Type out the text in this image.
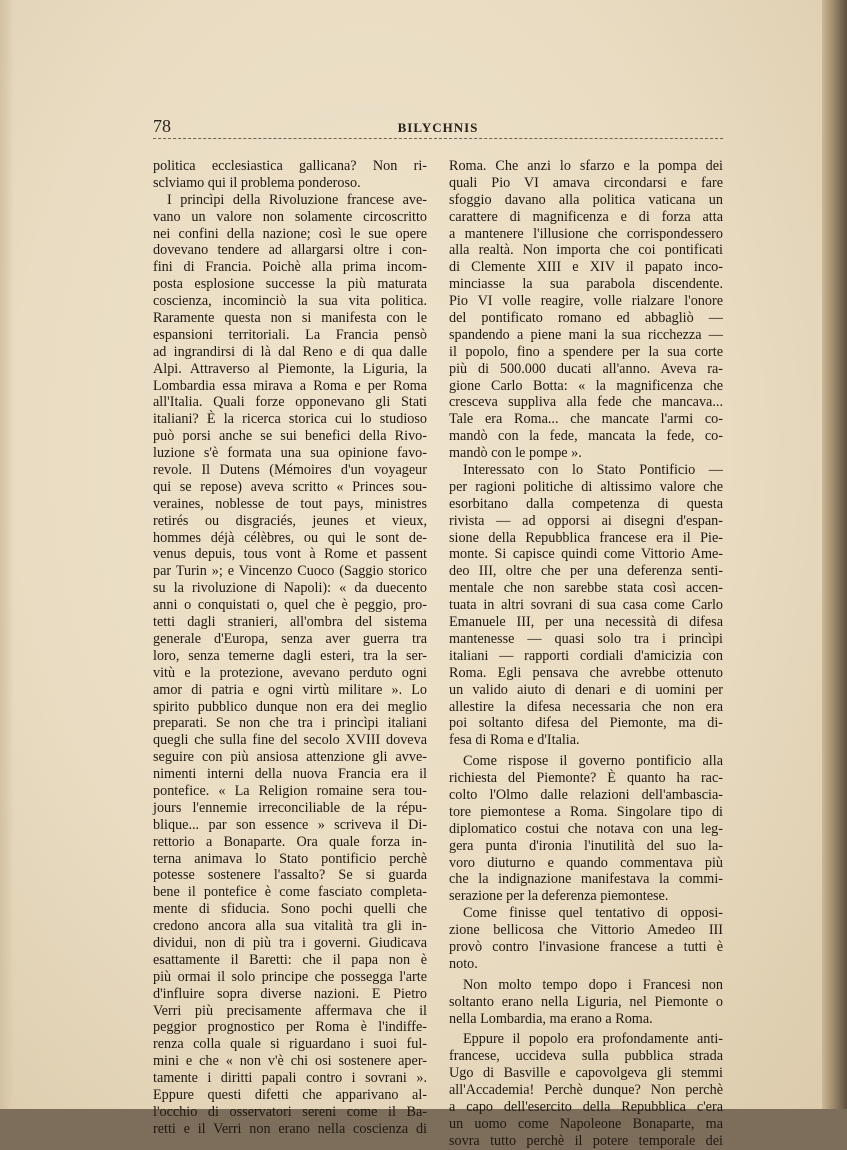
78	BILYCHNIS
politica ecclesiastica gallicana? Non ri-
sclviamo qui il problema ponderoso.
I princìpi della Rivoluzione francese ave-
vano un valore non solamente circoscritto
nei confini della nazione; così le sue opere
dovevano tendere ad allargarsi oltre i con-
fini di Francia. Poichè alla prima incom-
posta esplosione successe la più maturata
coscienza, incominciò la sua vita politica.
Raramente questa non si manifesta con le
espansioni territoriali. La Francia pensò
ad ingrandirsi di là dal Reno e di qua dalle
Alpi. Attraverso al Piemonte, la Liguria, la
Lombardia essa mirava a Roma e per Roma
all'Italia. Quali forze opponevano gli Stati
italiani? È la ricerca storica cui lo studioso
può porsi anche se sui benefici della Rivo-
luzione s'è formata una sua opinione favo-
revole. Il Dutens (Mémoires d'un voyageur
qui se repose) aveva scritto « Princes sou-
veraines, noblesse de tout pays, ministres
retirés ou disgraciés, jeunes et vieux,
hommes déjà célèbres, ou qui le sont de-
venus depuis, tous vont à Rome et passent
par Turin »; e Vincenzo Cuoco (Saggio storico
su la rivoluzione di Napoli): « da duecento
anni o conquistati o, quel che è peggio, pro-
tetti dagli stranieri, all'ombra del sistema
generale d'Europa, senza aver guerra tra
loro, senza temerne dagli esteri, tra la ser-
vitù e la protezione, avevano perduto ogni
amor di patria e ogni virtù militare ». Lo
spirito pubblico dunque non era dei meglio
preparati. Se non che tra i princìpi italiani
quegli che sulla fine del secolo XVIII doveva
seguire con più ansiosa attenzione gli avve-
nimenti interni della nuova Francia era il
pontefice. « La Religion romaine sera tou-
jours l'ennemie irreconciliable de la répu-
blique... par son essence » scriveva il Di-
rettorio a Bonaparte. Ora quale forza in-
terna animava lo Stato pontificio perchè
potesse sostenere l'assalto? Se si guarda
bene il pontefice è come fasciato completa-
mente di sfiducia. Sono pochi quelli che
credono ancora alla sua vitalità tra gli in-
dividui, non di più tra i governi. Giudicava
esattamente il Baretti: che il papa non è
più ormai il solo principe che possegga l'arte
d'influire sopra diverse nazioni. E Pietro
Verri più precisamente affermava che il
peggior prognostico per Roma è l'indiffe-
renza colla quale si riguardano i suoi ful-
mini e che « non v'è chi osi sostenere aper-
tamente i diritti papali contro i sovrani ».
Eppure questi difetti che apparivano al-
l'occhio di osservatori sereni come il Ba-
retti e il Verri non erano nella coscienza di
Roma. Che anzi lo sfarzo e la pompa dei
quali Pio VI amava circondarsi e fare
sfoggio davano alla politica vaticana un
carattere di magnificenza e di forza atta
a mantenere l'illusione che corrispondessero
alla realtà. Non importa che coi pontificati
di Clemente XIII e XIV il papato inco-
minciasse la sua parabola discendente.
Pio VI volle reagire, volle rialzare l'onore
del pontificato romano ed abbagliò —
spandendo a piene mani la sua ricchezza —
il popolo, fino a spendere per la sua corte
più di 500.000 ducati all'anno. Aveva ra-
gione Carlo Botta: « la magnificenza che
cresceva suppliva alla fede che mancava...
Tale era Roma... che mancate l'armi co-
mandò con la fede, mancata la fede, co-
mandò con le pompe ».
Interessato con lo Stato Pontificio —
per ragioni politiche di altissimo valore che
esorbitano dalla competenza di questa
rivista — ad opporsi ai disegni d'espan-
sione della Repubblica francese era il Pie-
monte. Si capisce quindi come Vittorio Ame-
deo III, oltre che per una deferenza senti-
mentale che non sarebbe stata così accen-
tuata in altri sovrani di sua casa come Carlo
Emanuele III, per una necessità di difesa
mantenesse — quasi solo tra i princìpi
italiani — rapporti cordiali d'amicizia con
Roma. Egli pensava che avrebbe ottenuto
un valido aiuto di denari e di uomini per
allestire la difesa necessaria che non era
poi soltanto difesa del Piemonte, ma di-
fesa di Roma e d'Italia.
Come rispose il governo pontificio alla
richiesta del Piemonte? È quanto ha rac-
colto l'Olmo dalle relazioni dell'ambascia-
tore piemontese a Roma. Singolare tipo di
diplomatico costui che notava con una leg-
gera punta d'ironia l'inutilità del suo la-
voro diuturno e quando commentava più
che la indignazione manifestava la commi-
serazione per la deferenza piemontese.
Come finisse quel tentativo di opposi-
zione bellicosa che Vittorio Amedeo III
provò contro l'invasione francese a tutti è
noto.
Non molto tempo dopo i Francesi non
soltanto erano nella Liguria, nel Piemonte o
nella Lombardia, ma erano a Roma.
Eppure il popolo era profondamente anti-
francese, uccideva sulla pubblica strada
Ugo di Basville e capovolgeva gli stemmi
all'Accademia! Perchè dunque? Non perchè
a capo dell'esercito della Repubblica c'era
un uomo come Napoleone Bonaparte, ma
sovra tutto perchè il potere temporale dei
